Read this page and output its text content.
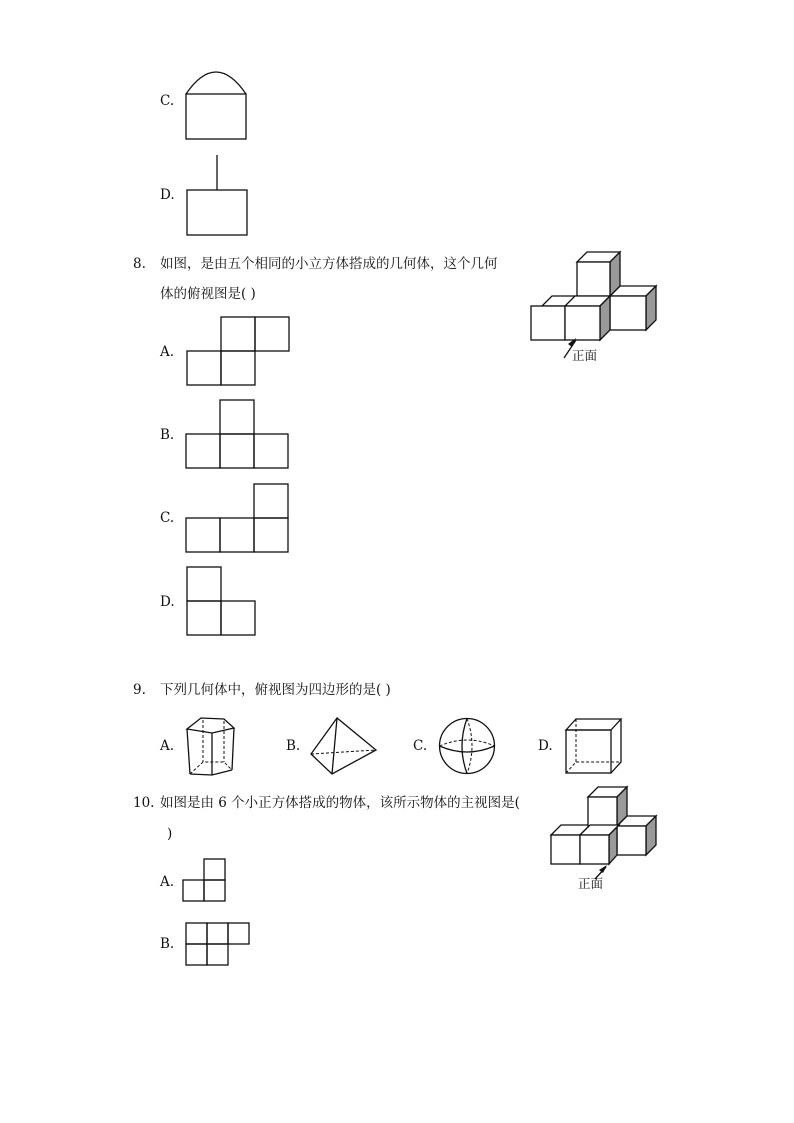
C.
D.
8. 如图，是由五个相同的小立方体搭成的几何体，这个几何
体的俯视图是( )
正面
A.
B.
C.
D.
9. 下列几何体中，俯视图为四边形的是( )
A.	B.	C.	D.
10. 如图是由 6 个小正方体搭成的物体，该所示物体的主视图是(
)
正面
A.
B.
